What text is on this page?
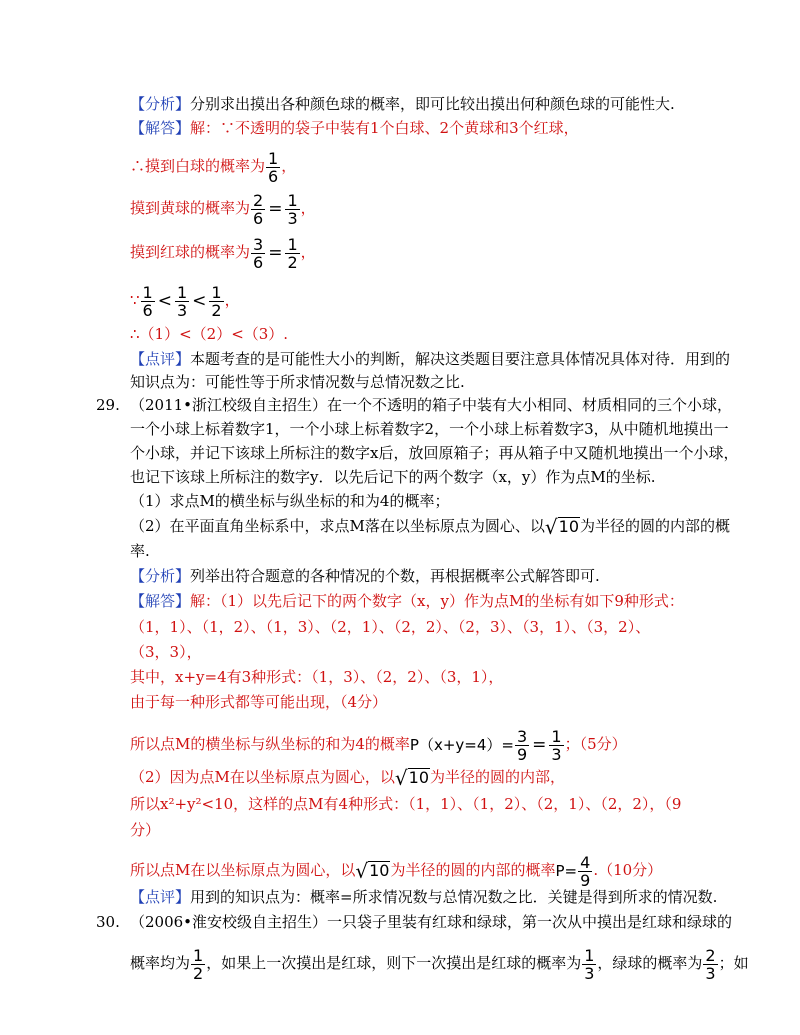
【分析】分别求出摸出各种颜色球的概率，即可比较出摸出何种颜色球的可能性大.
【解答】解：∵不透明的袋子中装有1个白球、2个黄球和3个红球，
∴摸到白球的概率为 $\frac{1}{6}$ ，
摸到黄球的概率为 $\frac{2}{6} = \frac{1}{3}$ ，
摸到红球的概率为 $\frac{3}{6} = \frac{1}{2}$ ，
∵ $\frac{1}{6} < \frac{1}{3} < \frac{1}{2}$ ，
∴（1）<（2）<（3）.
【点评】本题考查的是可能性大小的判断，解决这类题目要注意具体情况具体对待．用到的
知识点为：可能性等于所求情况数与总情况数之比.
29. （2011•浙江校级自主招生）在一个不透明的箱子中装有大小相同、材质相同的三个小球，
一个小球上标着数字1，一个小球上标着数字2，一个小球上标着数字3，从中随机地摸出一
个小球，并记下该球上所标注的数字x后，放回原箱子；再从箱子中又随机地摸出一个小球，
也记下该球上所标注的数字y．以先后记下的两个数字（x，y）作为点M的坐标.
（1）求点M的横坐标与纵坐标的和为4的概率；
（2）在平面直角坐标系中，求点M落在以坐标原点为圆心、以 √ 10 为半径的圆的内部的概
率.
【分析】列举出符合题意的各种情况的个数，再根据概率公式解答即可.
【解答】解：（1）以先后记下的两个数字（x，y）作为点M的坐标有如下9种形式：
（1，1）、（1，2）、（1，3）、（2，1）、（2，2）、（2，3）、（3，1）、（3，2）、
（3，3），
其中，x+y=4有3种形式：（1，3）、（2，2）、（3，1），
由于每一种形式都等可能出现，（4分）
所以点M的横坐标与纵坐标的和为4的概率$P(x+y=4)= \frac{3}{9} = \frac{1}{3}$ ；（5分）
（2）因为点M在以坐标原点为圆心，以 √ 10 为半径的圆的内部，
所以x²+y²<10，这样的点M有4种形式：（1，1）、（1，2）、（2，1）、（2，2），（9
分）
所以点M在以坐标原点为圆心，以 √ 10 为半径的圆的内部的概率$P= \frac{4}{9} .(10$分）
【点评】用到的知识点为：概率=所求情况数与总情况数之比．关键是得到所求的情况数.
30. （2006•淮安校级自主招生）一只袋子里装有红球和绿球，第一次从中摸出是红球和绿球的
概率均为 $\frac{1}{2}$ ，如果上一次摸出是红球，则下一次摸出是红球的概率为 $\frac{1}{3}$ ，绿球的概率为 $\frac{2}{3}$ ；如
